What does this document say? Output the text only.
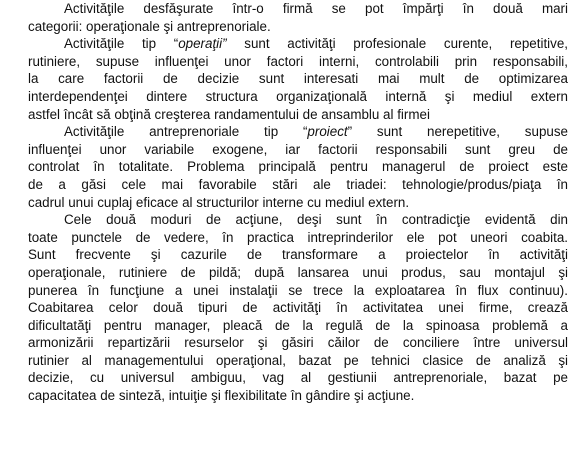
Activităţile desfăşurate într-o firmă se pot împărţi în două mari
categorii: operaţionale şi antreprenoriale.
Activităţile tip “operaţii” sunt activităţi profesionale curente, repetitive,
rutiniere, supuse influenţei unor factori interni, controlabili prin responsabili,
la care factorii de decizie sunt interesati mai mult de optimizarea
interdependenţei dintere structura organizaţională internă şi mediul extern
astfel încât să obţină creşterea randamentului de ansamblu al firmei
Activităţile antreprenoriale tip “proiect” sunt nerepetitive, supuse
influenţei unor variabile exogene, iar factorii responsabili sunt greu de
controlat în totalitate. Problema principală pentru managerul de proiect este
de a găsi cele mai favorabile stări ale triadei: tehnologie/produs/piaţa în
cadrul unui cuplaj eficace al structurilor interne cu mediul extern.
Cele două moduri de acţiune, deşi sunt în contradicţie evidentă din
toate punctele de vedere, în practica intreprinderilor ele pot uneori coabita.
Sunt frecvente şi cazurile de transformare a proiectelor în activităţi
operaţionale, rutiniere de pildă; după lansarea unui produs, sau montajul şi
punerea în funcţiune a unei instalaţii se trece la exploatarea în flux continuu).
Coabitarea celor două tipuri de activităţi în activitatea unei firme, crează
dificultatăţi pentru manager, pleacă de la regulă de la spinoasa problemă a
armonizării repartizării resurselor şi găsiri căilor de conciliere între universul
rutinier al managementului operaţional, bazat pe tehnici clasice de analiză şi
decizie, cu universul ambiguu, vag al gestiunii antreprenoriale, bazat pe
capacitatea de sinteză, intuiţie şi flexibilitate în gândire şi acţiune.
